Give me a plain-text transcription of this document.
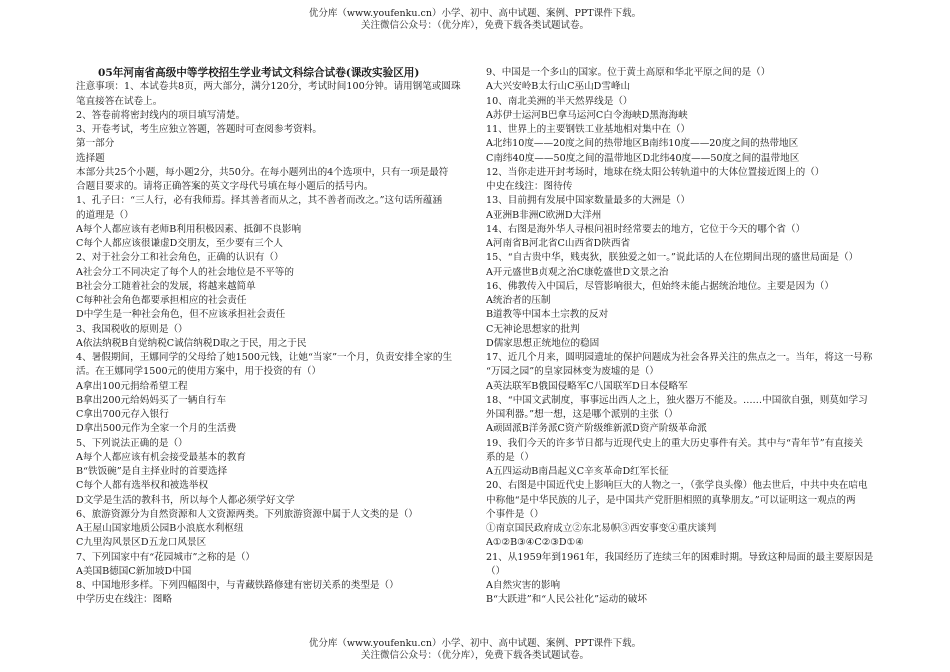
优分库（www.youfenku.cn）小学、初中、高中试题、案例、PPT课件下载。
关注微信公众号：（优分库），免费下载各类试题试卷。
05年河南省高级中等学校招生学业考试文科综合试卷(课改实验区用)
注意事项：1、本试卷共8页，两大部分，满分120分，考试时间100分钟。请用钢笔或圆珠
笔直接答在试卷上。
2、答卷前将密封线内的项目填写清楚。
3、开卷考试，考生应独立答题，答题时可查阅参考资料。
第一部分
选择题
本部分共25个小题，每小题2分，共50分。在每小题列出的4个选项中，只有一项是最符
合题目要求的。请将正确答案的英文字母代号填在每小题后的括号内。
1、孔子曰：“三人行，必有我师焉。择其善者而从之，其不善者而改之。”这句话所蕴涵
的道理是（）
A每个人都应该有老师B利用积极因素、抵御不良影响
C每个人都应该很谦虚D交朋友，至少要有三个人
2、对于社会分工和社会角色，正确的认识有（）
A社会分工不同决定了每个人的社会地位是不平等的
B社会分工随着社会的发展，将越来越简单
C每种社会角色都要承担相应的社会责任
D中学生是一种社会角色，但不应该承担社会责任
3、我国税收的原则是（）
A依法纳税B自觉纳税C诚信纳税D取之于民，用之于民
4、暑假期间，王娜同学的父母给了她1500元钱，让她“当家”一个月，负责安排全家的生
活。在王娜同学1500元的使用方案中，用于投资的有（）
A拿出100元捐给希望工程
B拿出200元给妈妈买了一辆自行车
C拿出700元存入银行
D拿出500元作为全家一个月的生活费
5、下列说法正确的是（）
A每个人都应该有机会接受最基本的教育
B“铁饭碗”是自主择业时的首要选择
C每个人都有选举权和被选举权
D文学是生活的教科书，所以每个人都必须学好文学
6、旅游资源分为自然资源和人文资源两类。下列旅游资源中属于人文类的是（）
A王屋山国家地质公园B小浪底水利枢纽
C九里沟风景区D五龙口风景区
7、下列国家中有“花园城市”之称的是（）
A美国B德国C新加坡D中国
8、中国地形多样。下列四幅图中，与青藏铁路修建有密切关系的类型是（）
中学历史在线注：图略
9、中国是一个多山的国家。位于黄土高原和华北平原之间的是（）
A大兴安岭B太行山C巫山D雪峰山
10、南北美洲的半天然界线是（）
A苏伊士运河B巴拿马运河C白令海峡D黑海海峡
11、世界上的主要钢铁工业基地相对集中在（）
A北纬10度——20度之间的热带地区B南纬10度——20度之间的热带地区
C南纬40度——50度之间的温带地区D北纬40度——50度之间的温带地区
12、当你走进开封考场时，地球在绕太阳公转轨道中的大体位置接近图上的（）
中史在线注：图待传
13、目前拥有发展中国家数量最多的大洲是（）
A亚洲B非洲C欧洲D大洋州
14、右图是海外华人寻根问祖时经常要去的地方，它位于今天的哪个省（）
A河南省B河北省C山西省D陕西省
15、“自古贵中华，贱夷狄，朕独爱之如一。”说此话的人在位期间出现的盛世局面是（）
A开元盛世B贞观之治C康乾盛世D文景之治
16、佛教传入中国后，尽管影响很大，但始终未能占据统治地位。主要是因为（）
A统治者的压制
B道教等中国本土宗教的反对
C无神论思想家的批判
D儒家思想正统地位的稳固
17、近几个月来，圆明园遗址的保护问题成为社会各界关注的焦点之一。当年，将这一号称
“万园之园”的皇家园林变为废墟的是（）
A英法联军B俄国侵略军C八国联军D日本侵略军
18、“中国文武制度，事事远出西人之上，独火器万不能及。……中国欲自强，则莫如学习
外国利器。”想一想，这是哪个派别的主张（）
A顽固派B洋务派C资产阶级维新派D资产阶级革命派
19、我们今天的许多节日都与近现代史上的重大历史事件有关。其中与“青年节”有直接关
系的是（）
A五四运动B南昌起义C辛亥革命D红军长征
20、右图是中国近代史上影响巨大的人物之一，（张学良头像）他去世后，中共中央在唁电
中称他“是中华民族的儿子，是中国共产党肝胆相照的真挚朋友。”可以证明这一观点的两
个事件是（）
①南京国民政府成立②东北易帜③西安事变④重庆谈判
A①②B③④C②③D①④
21、从1959年到1961年，我国经历了连续三年的困难时期。导致这种局面的最主要原因是
（）
A自然灾害的影响
B“大跃进”和“人民公社化”运动的破坏
优分库（www.youfenku.cn）小学、初中、高中试题、案例、PPT课件下载。
关注微信公众号：（优分库），免费下载各类试题试卷。
